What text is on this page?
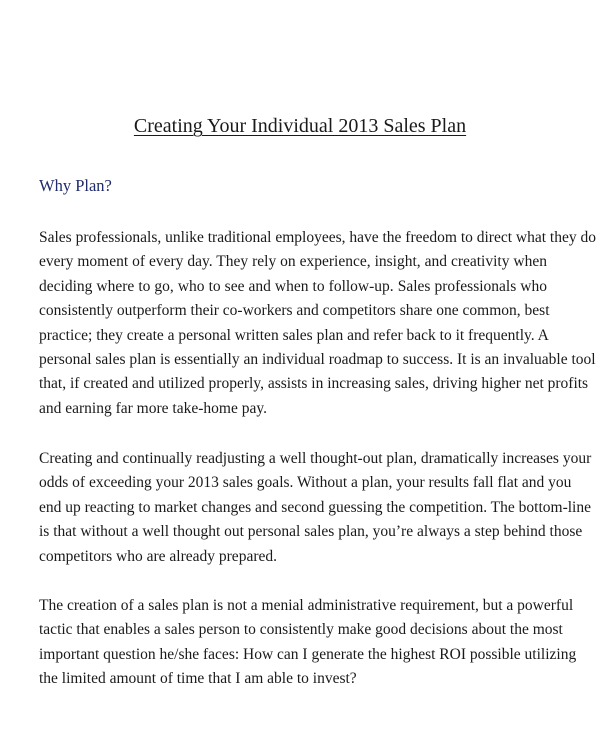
Creating Your Individual 2013 Sales Plan
Why Plan?
Sales professionals, unlike traditional employees, have the freedom to direct what they do
every moment of every day. They rely on experience, insight, and creativity when
deciding where to go, who to see and when to follow-up. Sales professionals who
consistently outperform their co-workers and competitors share one common, best
practice; they create a personal written sales plan and refer back to it frequently. A
personal sales plan is essentially an individual roadmap to success. It is an invaluable tool
that, if created and utilized properly, assists in increasing sales, driving higher net profits
and earning far more take-home pay.
Creating and continually readjusting a well thought-out plan, dramatically increases your
odds of exceeding your 2013 sales goals. Without a plan, your results fall flat and you
end up reacting to market changes and second guessing the competition. The bottom-line
is that without a well thought out personal sales plan, you’re always a step behind those
competitors who are already prepared.
The creation of a sales plan is not a menial administrative requirement, but a powerful
tactic that enables a sales person to consistently make good decisions about the most
important question he/she faces: How can I generate the highest ROI possible utilizing
the limited amount of time that I am able to invest?
